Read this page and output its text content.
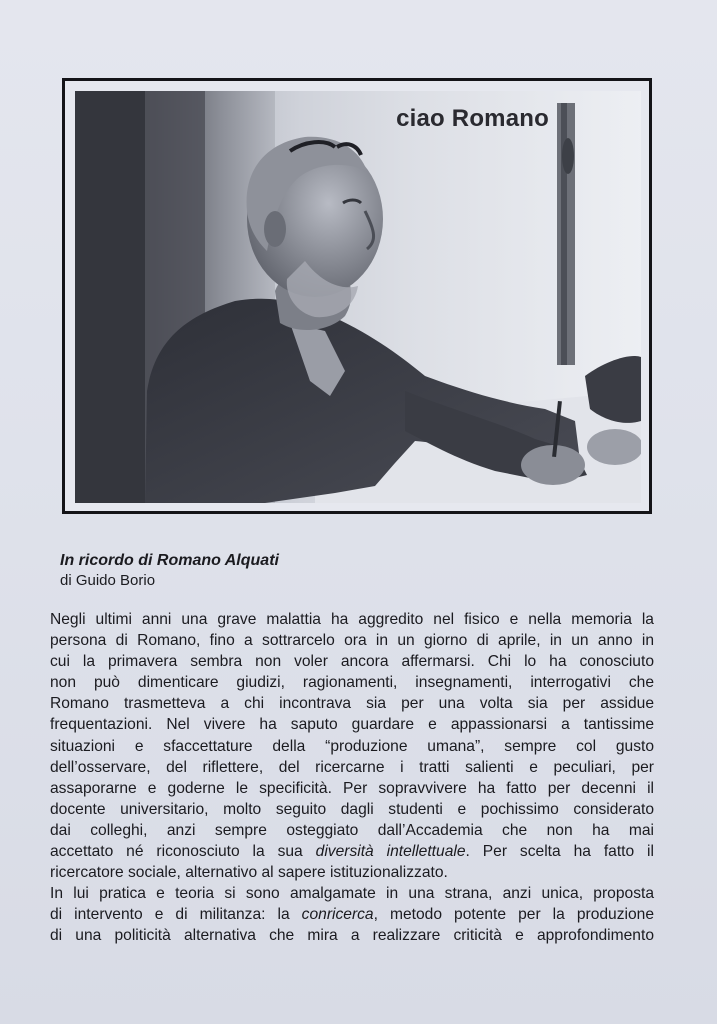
ciao Romano
In ricordo di Romano Alquati
di Guido Borio
Negli ultimi anni una grave malattia ha aggredito nel fisico e nella memoria la
persona di Romano, fino a sottrarcelo ora in un giorno di aprile, in un anno in
cui la primavera sembra non voler ancora affermarsi. Chi lo ha conosciuto
non può dimenticare giudizi, ragionamenti, insegnamenti, interrogativi che
Romano trasmetteva a chi incontrava sia per una volta sia per assidue
frequentazioni. Nel vivere ha saputo guardare e appassionarsi a tantissime
situazioni e sfaccettature della “produzione umana”, sempre col gusto
dell’osservare, del riflettere, del ricercarne i tratti salienti e peculiari, per
assaporarne e goderne le specificità. Per sopravvivere ha fatto per decenni il
docente universitario, molto seguito dagli studenti e pochissimo considerato
dai colleghi, anzi sempre osteggiato dall’Accademia che non ha mai
accettato né riconosciuto la sua diversità intellettuale. Per scelta ha fatto il
ricercatore sociale, alternativo al sapere istituzionalizzato.
In lui pratica e teoria si sono amalgamate in una strana, anzi unica, proposta
di intervento e di militanza: la conricerca, metodo potente per la produzione
di una politicità alternativa che mira a realizzare criticità e approfondimento
